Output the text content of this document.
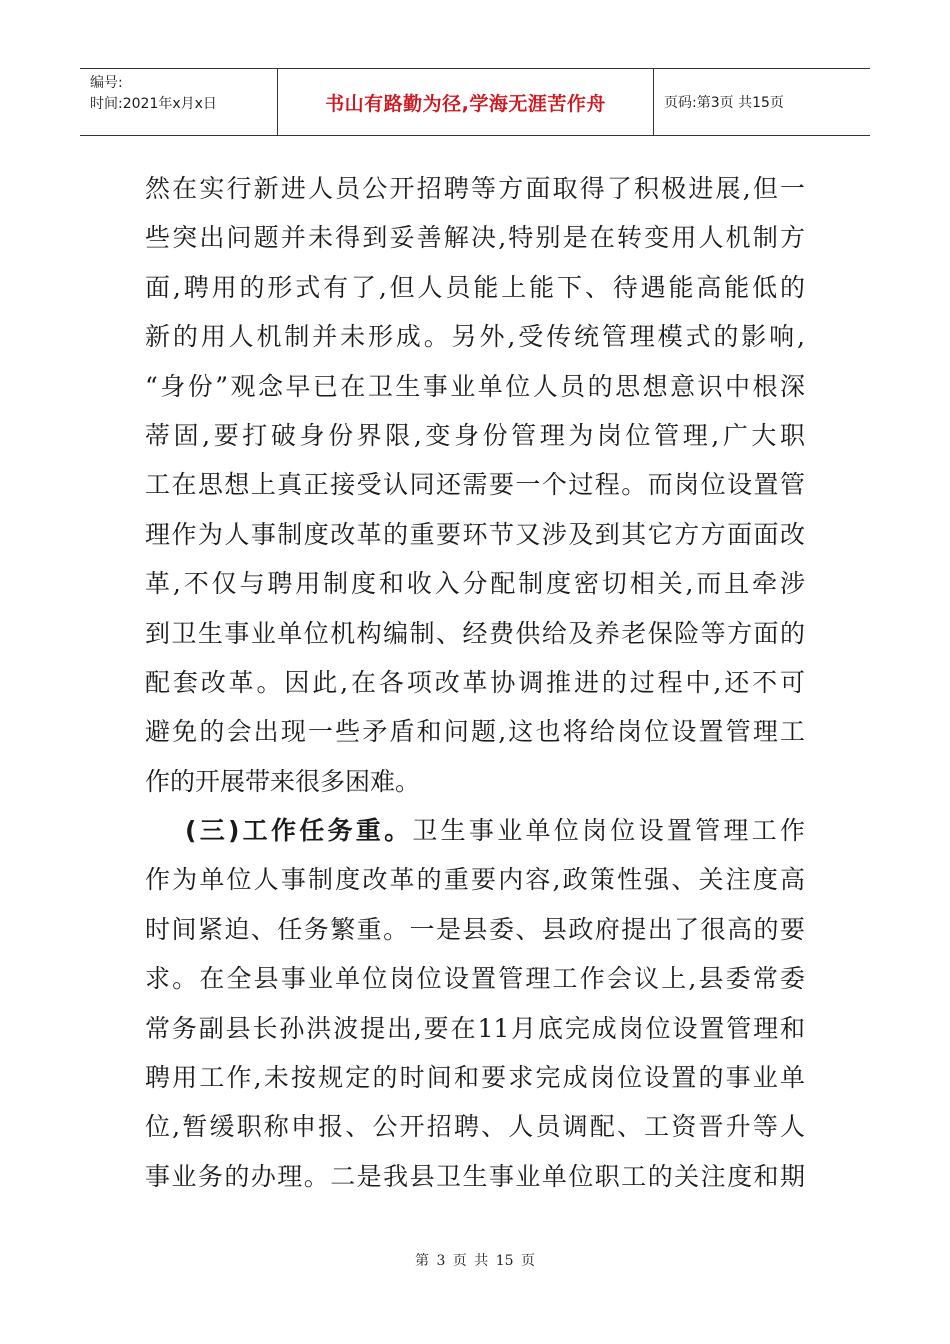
编号:
时间:2021年x月x日	书山有路勤为径,学海无涯苦作舟	页码:第3页 共15页
然在实行新进人员公开招聘等方面取得了积极进展,但一
些突出问题并未得到妥善解决,特别是在转变用人机制方
面,聘用的形式有了,但人员能上能下、待遇能高能低的
新的用人机制并未形成。另外,受传统管理模式的影响,
“身份”观念早已在卫生事业单位人员的思想意识中根深
蒂固,要打破身份界限,变身份管理为岗位管理,广大职
工在思想上真正接受认同还需要一个过程。而岗位设置管
理作为人事制度改革的重要环节又涉及到其它方方面面改
革,不仅与聘用制度和收入分配制度密切相关,而且牵涉
到卫生事业单位机构编制、经费供给及养老保险等方面的
配套改革。因此,在各项改革协调推进的过程中,还不可
避免的会出现一些矛盾和问题,这也将给岗位设置管理工
作的开展带来很多困难。
(三)工作任务重。卫生事业单位岗位设置管理工作
作为单位人事制度改革的重要内容,政策性强、关注度高
时间紧迫、任务繁重。一是县委、县政府提出了很高的要
求。在全县事业单位岗位设置管理工作会议上,县委常委
常务副县长孙洪波提出,要在11月底完成岗位设置管理和
聘用工作,未按规定的时间和要求完成岗位设置的事业单
位,暂缓职称申报、公开招聘、人员调配、工资晋升等人
事业务的办理。二是我县卫生事业单位职工的关注度和期
第 3 页 共 15 页
